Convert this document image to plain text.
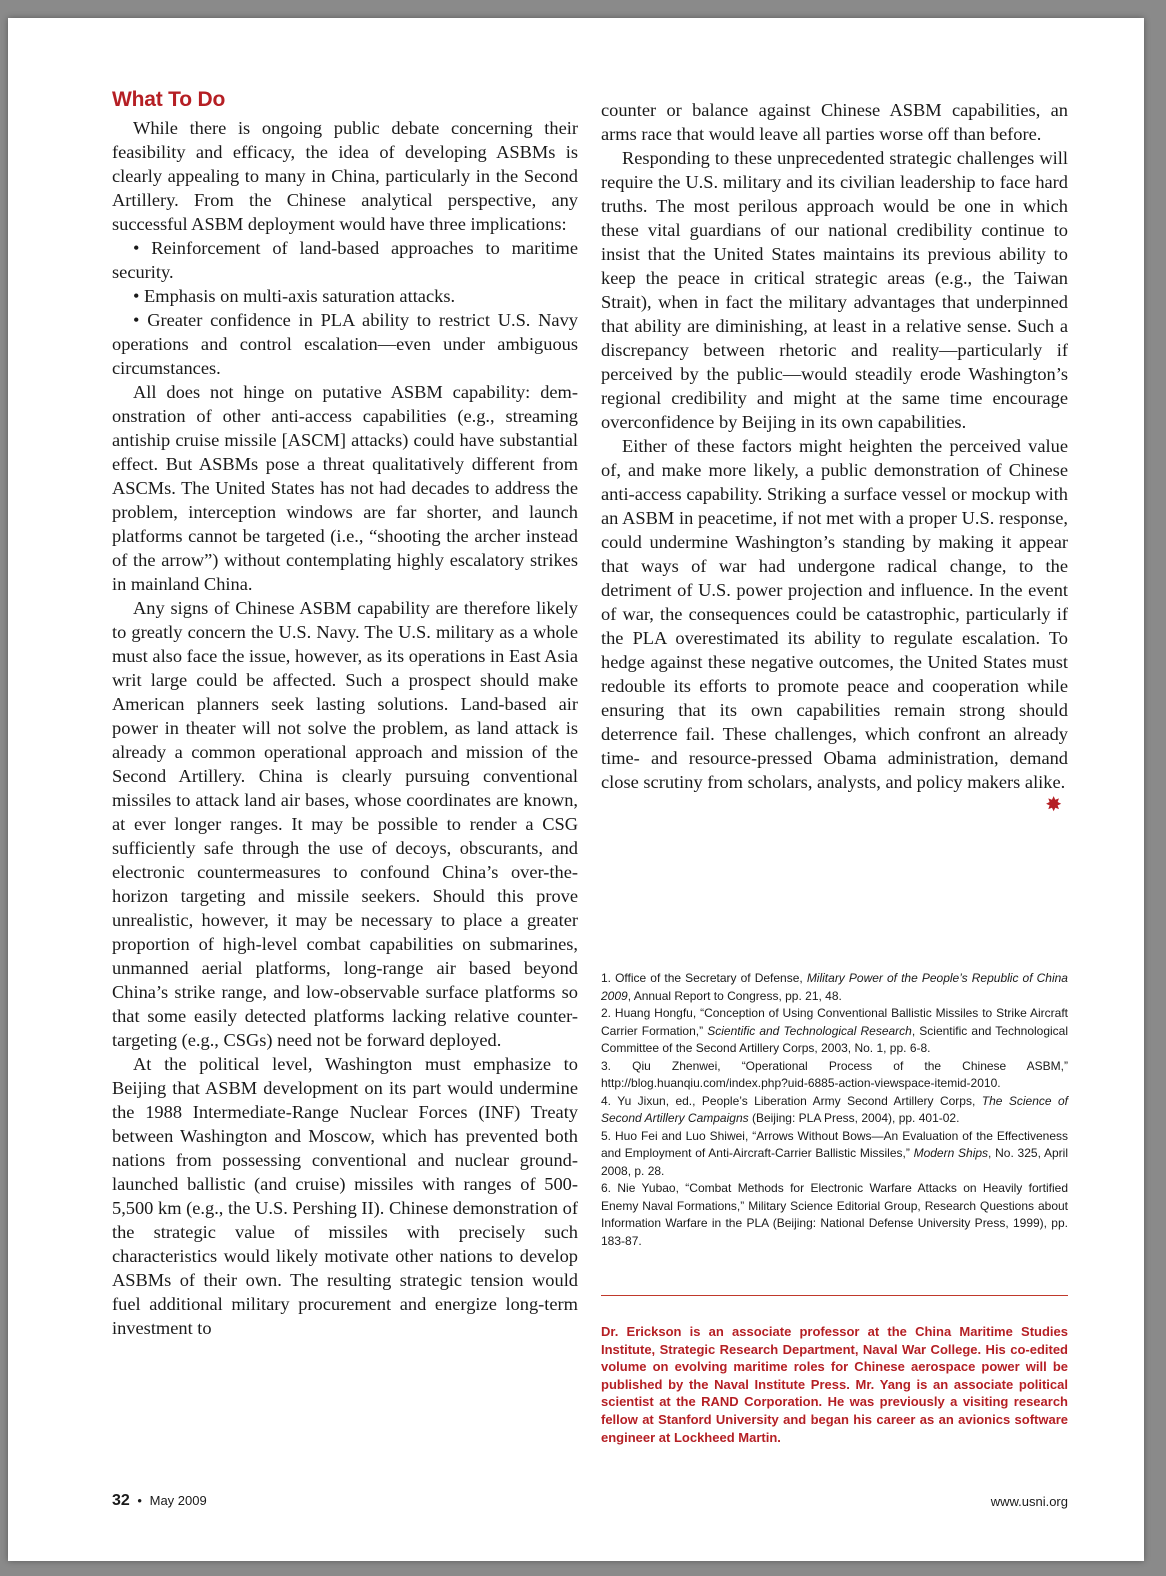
What To Do

While there is ongoing public debate concerning their feasibility and efficacy, the idea of developing ASBMs is clearly appealing to many in China, particularly in the Second Artillery. From the Chinese analytical perspective, any successful ASBM deployment would have three implications:

• Reinforcement of land-based approaches to maritime security.

• Emphasis on multi-axis saturation attacks.

• Greater confidence in PLA ability to restrict U.S. Navy operations and control escalation—even under ambiguous circumstances.

All does not hinge on putative ASBM capability: demonstration of other anti-access capabilities (e.g., streaming antiship cruise missile [ASCM] attacks) could have substantial effect. But ASBMs pose a threat qualitatively different from ASCMs. The United States has not had decades to address the problem, interception windows are far shorter, and launch platforms cannot be targeted (i.e., “shooting the archer instead of the arrow”) without contemplating highly escalatory strikes in mainland China.

Any signs of Chinese ASBM capability are therefore likely to greatly concern the U.S. Navy. The U.S. military as a whole must also face the issue, however, as its operations in East Asia writ large could be affected. Such a prospect should make American planners seek lasting solutions. Land-based air power in theater will not solve the problem, as land attack is already a common operational approach and mission of the Second Artillery. China is clearly pursuing conventional missiles to attack land air bases, whose coordinates are known, at ever longer ranges. It may be possible to render a CSG sufficiently safe through the use of decoys, obscurants, and electronic countermeasures to confound China’s over-the-horizon targeting and missile seekers. Should this prove unrealistic, however, it may be necessary to place a greater proportion of high-level combat capabilities on submarines, unmanned aerial platforms, long-range air based beyond China’s strike range, and low-observable surface platforms so that some easily detected platforms lacking relative counter-targeting (e.g., CSGs) need not be forward deployed.

At the political level, Washington must emphasize to Beijing that ASBM development on its part would undermine the 1988 Intermediate-Range Nuclear Forces (INF) Treaty between Washington and Moscow, which has prevented both nations from possessing conventional and nuclear ground-launched ballistic (and cruise) missiles with ranges of 500-5,500 km (e.g., the U.S. Pershing II). Chinese demonstration of the strategic value of missiles with precisely such characteristics would likely motivate other nations to develop ASBMs of their own. The resulting strategic tension would fuel additional military procurement and energize long-term investment to

counter or balance against Chinese ASBM capabilities, an arms race that would leave all parties worse off than before.

Responding to these unprecedented strategic challenges will require the U.S. military and its civilian leadership to face hard truths. The most perilous approach would be one in which these vital guardians of our national credibility continue to insist that the United States maintains its previous ability to keep the peace in critical strategic areas (e.g., the Taiwan Strait), when in fact the military advantages that underpinned that ability are diminishing, at least in a relative sense. Such a discrepancy between rhetoric and reality—particularly if perceived by the public—would steadily erode Washington’s regional credibility and might at the same time encourage overconfidence by Beijing in its own capabilities.

Either of these factors might heighten the perceived value of, and make more likely, a public demonstration of Chinese anti-access capability. Striking a surface vessel or mockup with an ASBM in peacetime, if not met with a proper U.S. response, could undermine Washington’s standing by making it appear that ways of war had undergone radical change, to the detriment of U.S. power projection and influence. In the event of war, the consequences could be catastrophic, particularly if the PLA overestimated its ability to regulate escalation. To hedge against these negative outcomes, the United States must redouble its efforts to promote peace and cooperation while ensuring that its own capabilities remain strong should deterrence fail. These challenges, which confront an already time- and resource-pressed Obama administration, demand close scrutiny from scholars, analysts, and policy makers alike.
✸

1. Office of the Secretary of Defense, Military Power of the People’s Republic of China 2009, Annual Report to Congress, pp. 21, 48.

2. Huang Hongfu, “Conception of Using Conventional Ballistic Missiles to Strike Aircraft Carrier Formation,” Scientific and Technological Research, Scientific and Technological Committee of the Second Artillery Corps, 2003, No. 1, pp. 6-8.

3. Qiu Zhenwei, “Operational Process of the Chinese ASBM,” http://blog.huanqiu.com/index.php?uid-6885-action-viewspace-itemid-2010.

4. Yu Jixun, ed., People’s Liberation Army Second Artillery Corps, The Science of Second Artillery Campaigns (Beijing: PLA Press, 2004), pp. 401-02.

5. Huo Fei and Luo Shiwei, “Arrows Without Bows—An Evaluation of the Effectiveness and Employment of Anti-Aircraft-Carrier Ballistic Missiles,” Modern Ships, No. 325, April 2008, p. 28.

6. Nie Yubao, “Combat Methods for Electronic Warfare Attacks on Heavily fortified Enemy Naval Formations,” Military Science Editorial Group, Research Questions about Information Warfare in the PLA (Beijing: National Defense University Press, 1999), pp. 183-87.

Dr. Erickson is an associate professor at the China Maritime Studies Institute, Strategic Research Department, Naval War College. His co-edited volume on evolving maritime roles for Chinese aerospace power will be published by the Naval Institute Press. Mr. Yang is an associate political scientist at the RAND Corporation. He was previously a visiting research fellow at Stanford University and began his career as an avionics software engineer at Lockheed Martin.

32 • May 2009	www.usni.org
